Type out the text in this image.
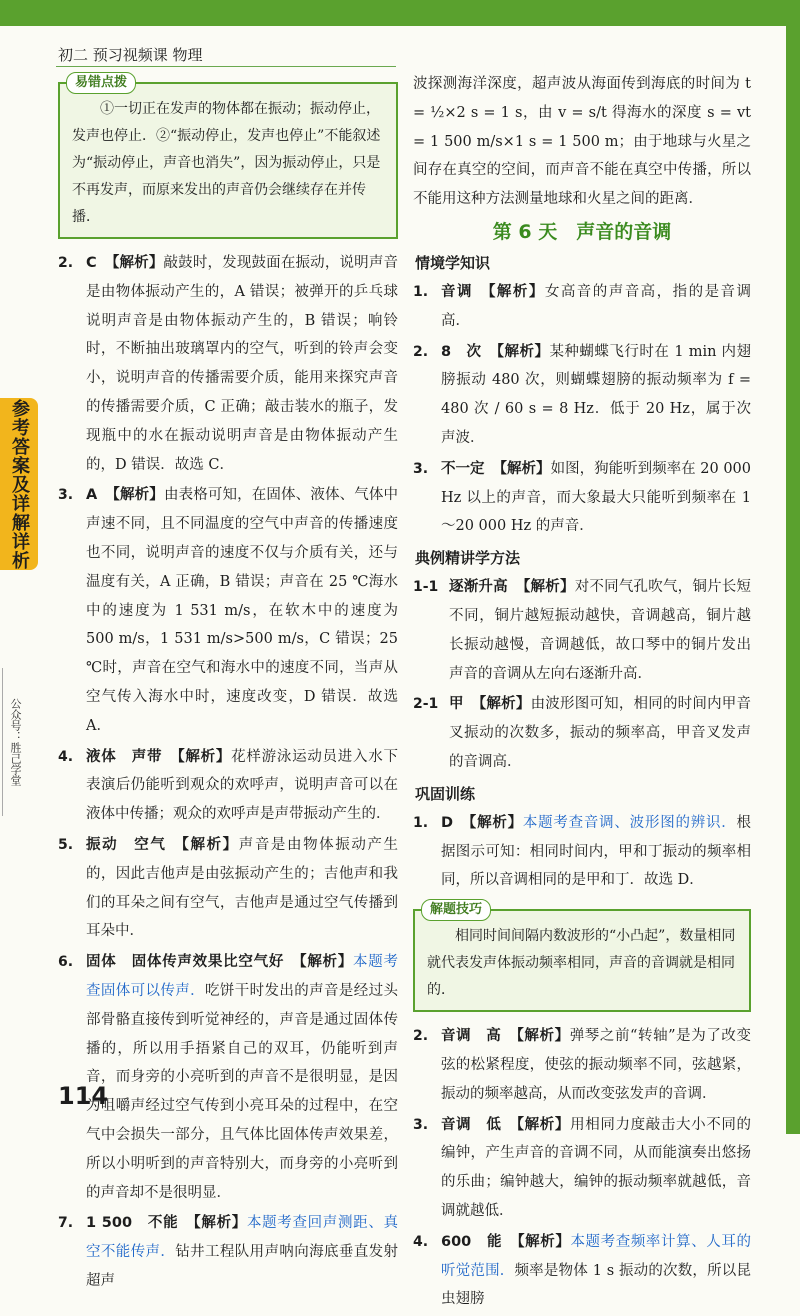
初二 预习视频课 物理
参考答案及详解详析
公众号：胜己学堂
易错点拨
①一切正在发声的物体都在振动；振动停止，发声也停止．②“振动停止，发声也停止”不能叙述为“振动停止，声音也消失”，因为振动停止，只是不再发声，而原来发出的声音仍会继续存在并传播．
2. C 【解析】敲鼓时，发现鼓面在振动，说明声音是由物体振动产生的，A 错误；被弹开的乒乓球说明声音是由物体振动产生的，B 错误；响铃时，不断抽出玻璃罩内的空气，听到的铃声会变小，说明声音的传播需要介质，能用来探究声音的传播需要介质，C 正确；敲击装水的瓶子，发现瓶中的水在振动说明声音是由物体振动产生的，D 错误．故选 C．
3. A 【解析】由表格可知，在固体、液体、气体中声速不同，且不同温度的空气中声音的传播速度也不同，说明声音的速度不仅与介质有关，还与温度有关，A 正确，B 错误；声音在 25 ℃海水中的速度为 1 531 m/s，在软木中的速度为 500 m/s，1 531 m/s>500 m/s，C 错误；25 ℃时，声音在空气和海水中的速度不同，当声从空气传入海水中时，速度改变，D 错误．故选 A．
4. 液体　声带 【解析】花样游泳运动员进入水下表演后仍能听到观众的欢呼声，说明声音可以在液体中传播；观众的欢呼声是声带振动产生的．
5. 振动　空气 【解析】声音是由物体振动产生的，因此吉他声是由弦振动产生的；吉他声和我们的耳朵之间有空气，吉他声是通过空气传播到耳朵中．
6. 固体　固体传声效果比空气好 【解析】本题考查固体可以传声．吃饼干时发出的声音是经过头部骨骼直接传到听觉神经的，声音是通过固体传播的，所以用手捂紧自己的双耳，仍能听到声音，而身旁的小亮听到的声音不是很明显，是因为咀嚼声经过空气传到小亮耳朵的过程中，在空气中会损失一部分，且气体比固体传声效果差，所以小明听到的声音特别大，而身旁的小亮听到的声音却不是很明显．
7. 1 500　不能 【解析】本题考查回声测距、真空不能传声．钻井工程队用声呐向海底垂直发射超声
波探测海洋深度，超声波从海面传到海底的时间为 t = ½×2 s = 1 s，由 v = s/t 得海水的深度 s = vt = 1 500 m/s×1 s = 1 500 m；由于地球与火星之间存在真空的空间，而声音不能在真空中传播，所以不能用这种方法测量地球和火星之间的距离．
第 6 天　声音的音调
情境学知识
1. 音调 【解析】女高音的声音高，指的是音调高．
2. 8　次 【解析】某种蝴蝶飞行时在 1 min 内翅膀振动 480 次，则蝴蝶翅膀的振动频率为 f = 480 次 / 60 s = 8 Hz．低于 20 Hz，属于次声波．
3. 不一定 【解析】如图，狗能听到频率在 20 000 Hz 以上的声音，而大象最大只能听到频率在 1～20 000 Hz 的声音．
典例精讲学方法
1-1 逐渐升高 【解析】对不同气孔吹气，铜片长短不同，铜片越短振动越快，音调越高，铜片越长振动越慢，音调越低，故口琴中的铜片发出声音的音调从左向右逐渐升高．
2-1 甲 【解析】由波形图可知，相同的时间内甲音叉振动的次数多，振动的频率高，甲音叉发声的音调高．
巩固训练
1. D 【解析】本题考查音调、波形图的辨识．根据图示可知：相同时间内，甲和丁振动的频率相同，所以音调相同的是甲和丁．故选 D．
解题技巧
相同时间间隔内数波形的“小凸起”，数量相同就代表发声体振动频率相同，声音的音调就是相同的．
2. 音调　高 【解析】弹琴之前“转轴”是为了改变弦的松紧程度，使弦的振动频率不同，弦越紧，振动的频率越高，从而改变弦发声的音调．
3. 音调　低 【解析】用相同力度敲击大小不同的编钟，产生声音的音调不同，从而能演奏出悠扬的乐曲；编钟越大，编钟的振动频率就越低，音调就越低．
4. 600　能 【解析】本题考查频率计算、人耳的听觉范围．频率是物体 1 s 振动的次数，所以昆虫翅膀
114
